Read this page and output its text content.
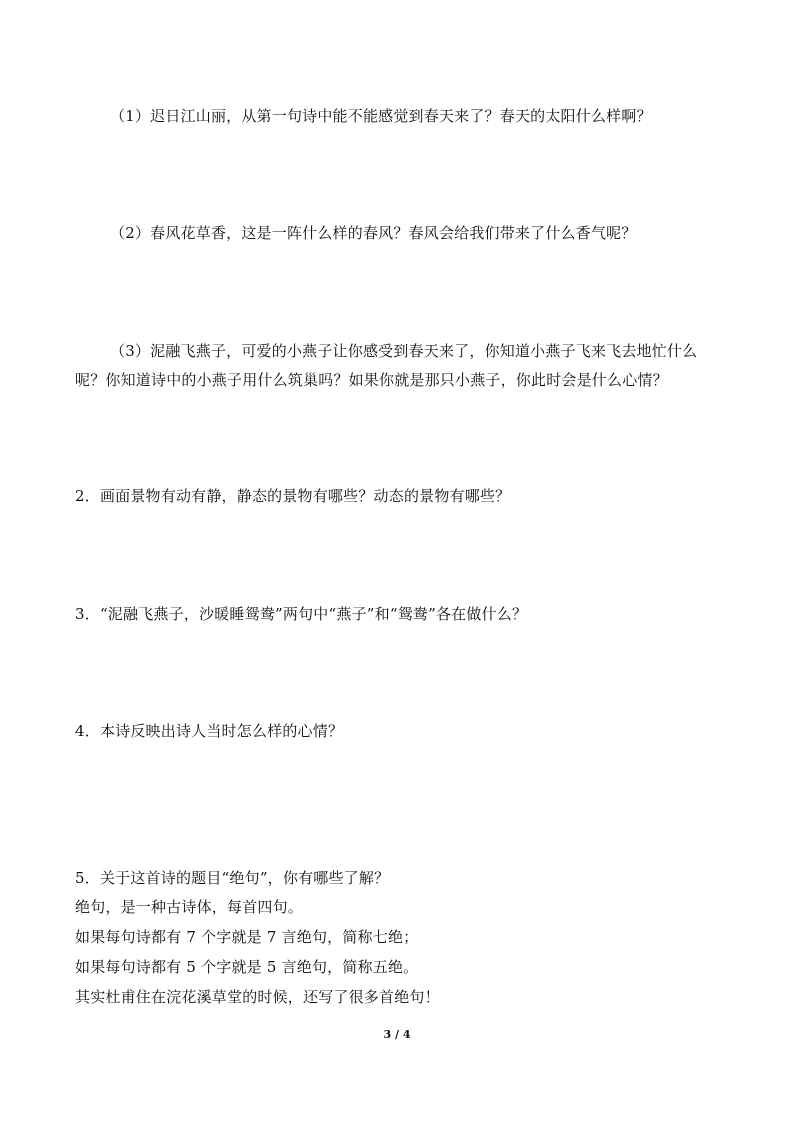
（1）迟日江山丽，从第一句诗中能不能感觉到春天来了？春天的太阳什么样啊？
（2）春风花草香，这是一阵什么样的春风？春风会给我们带来了什么香气呢？
（3）泥融飞燕子，可爱的小燕子让你感受到春天来了，你知道小燕子飞来飞去地忙什么
呢？你知道诗中的小燕子用什么筑巢吗？如果你就是那只小燕子，你此时会是什么心情？
2．画面景物有动有静，静态的景物有哪些？动态的景物有哪些？
3．“泥融飞燕子，沙暖睡鸳鸯”两句中“燕子”和“鸳鸯”各在做什么？
4．本诗反映出诗人当时怎么样的心情？
5．关于这首诗的题目“绝句”，你有哪些了解？
绝句，是一种古诗体，每首四句。
如果每句诗都有 7 个字就是 7 言绝句，简称七绝；
如果每句诗都有 5 个字就是 5 言绝句，简称五绝。
其实杜甫住在浣花溪草堂的时候，还写了很多首绝句！
3 / 4
